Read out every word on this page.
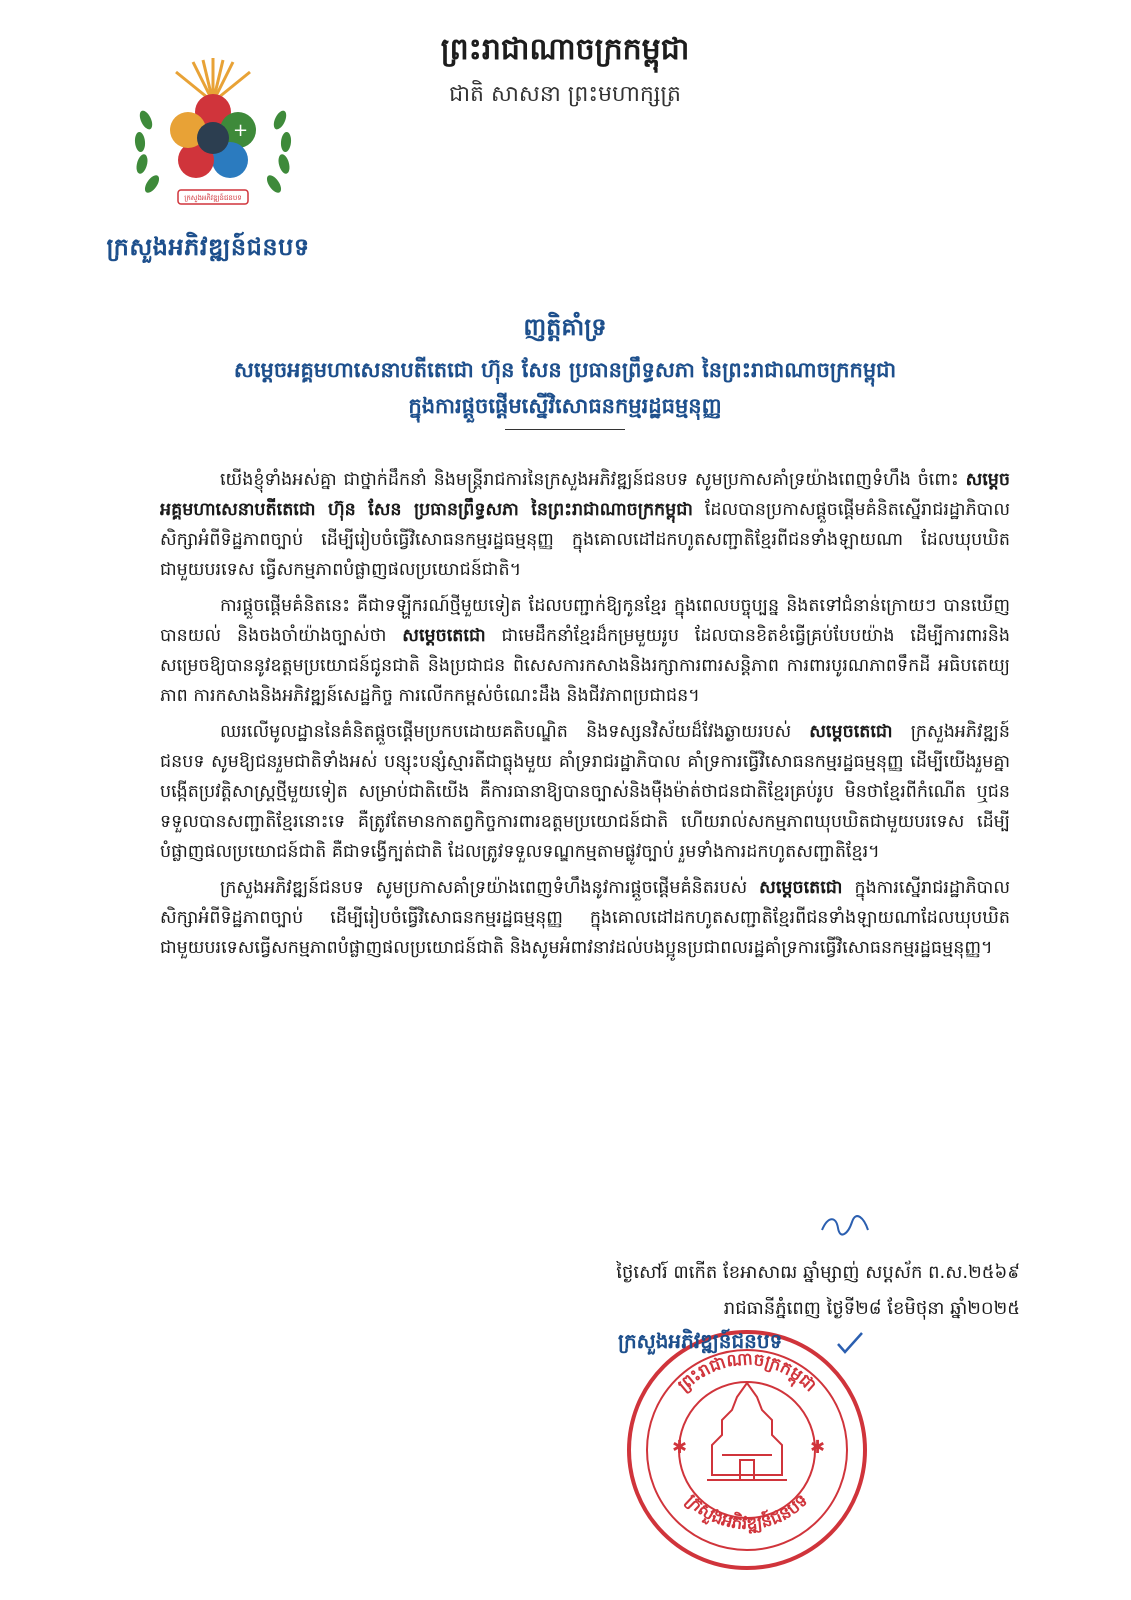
+
ក្រសួងអភិវឌ្ឍន៍ជនបទ
ក្រសួងអភិវឌ្ឍន៍ជនបទ
ព្រះរាជាណាចក្រកម្ពុជា
ជាតិ សាសនា ព្រះមហាក្សត្រ
ញត្តិគាំទ្រ
សម្តេចអគ្គមហាសេនាបតីតេជោ ហ៊ុន សែន ប្រធានព្រឹទ្ធសភា នៃព្រះរាជាណាចក្រកម្ពុជា
ក្នុងការផ្តួចផ្តើមស្នើវិសោធនកម្មរដ្ឋធម្មនុញ្ញ

យើងខ្ញុំទាំងអស់គ្នា ជាថ្នាក់ដឹកនាំ និងមន្ត្រីរាជការនៃក្រសួងអភិវឌ្ឍន៍ជនបទ សូមប្រកាសគាំទ្រយ៉ាងពេញទំហឹង ចំពោះ សម្តេចអគ្គមហាសេនាបតីតេជោ ហ៊ុន សែន ប្រធានព្រឹទ្ធសភា នៃព្រះរាជាណាចក្រកម្ពុជា ដែលបានប្រកាសផ្តួចផ្តើមគំនិតស្នើរាជរដ្ឋាភិបាល សិក្សាអំពីទិដ្ឋភាពច្បាប់ ដើម្បីរៀបចំធ្វើវិសោធនកម្មរដ្ឋធម្មនុញ្ញ ក្នុងគោលដៅដកហូតសញ្ជាតិខ្មែរពីជនទាំងឡាយណា ដែលឃុបឃិតជាមួយបរទេស ធ្វើសកម្មភាពបំផ្លាញផលប្រយោជន៍ជាតិ។

ការផ្តួចផ្តើមគំនិតនេះ គឺជាទឡ្ហីករណ៍ថ្មីមួយទៀត ដែលបញ្ជាក់ឱ្យកូនខ្មែរ ក្នុងពេលបច្ចុប្បន្ន និងតទៅជំនាន់ក្រោយៗ បានឃើញ បានយល់ និងចងចាំយ៉ាងច្បាស់ថា សម្តេចតេជោ ជាមេដឹកនាំខ្មែរដ៏កម្រមួយរូប ដែលបានខិតខំធ្វើគ្រប់បែបយ៉ាង ដើម្បីការពារនិងសម្រេចឱ្យបាននូវឧត្តមប្រយោជន៍ជូនជាតិ និងប្រជាជន ពិសេសការកសាងនិងរក្សាការពារសន្តិភាព ការពារបូរណភាពទឹកដី អធិបតេយ្យភាព ការកសាងនិងអភិវឌ្ឍន៍សេដ្ឋកិច្ច ការលើកកម្ពស់ចំណេះដឹង និងជីវភាពប្រជាជន។

ឈរលើមូលដ្ឋាននៃគំនិតផ្តួចផ្តើមប្រកបដោយគតិបណ្ឌិត និងទស្សនវិស័យដ៏វែងឆ្ងាយរបស់ សម្តេចតេជោ ក្រសួងអភិវឌ្ឍន៍ជនបទ សូមឱ្យជនរួមជាតិទាំងអស់ បន្សុះបន្សំស្មារតីជាធ្លុងមួយ គាំទ្ររាជរដ្ឋាភិបាល គាំទ្រការធ្វើវិសោធនកម្មរដ្ឋធម្មនុញ្ញ ដើម្បីយើងរួមគ្នាបង្កើតប្រវត្តិសាស្ត្រថ្មីមួយទៀត សម្រាប់ជាតិយើង គឺការធានាឱ្យបានច្បាស់និងម៉ឺងម៉ាត់ថាជនជាតិខ្មែរគ្រប់រូប មិនថាខ្មែរពីកំណើត ឬជនទទួលបានសញ្ជាតិខ្មែរនោះទេ គឺត្រូវតែមានកាតព្វកិច្ចការពារឧត្តមប្រយោជន៍ជាតិ ហើយរាល់សកម្មភាពឃុបឃិតជាមួយបរទេស ដើម្បីបំផ្លាញផលប្រយោជន៍ជាតិ គឺជាទង្វើក្បត់ជាតិ ដែលត្រូវទទួលទណ្ឌកម្មតាមផ្លូវច្បាប់ រួមទាំងការដកហូតសញ្ជាតិខ្មែរ។

ក្រសួងអភិវឌ្ឍន៍ជនបទ សូមប្រកាសគាំទ្រយ៉ាងពេញទំហឹងនូវការផ្តួចផ្តើមគំនិតរបស់ សម្តេចតេជោ ក្នុងការស្នើរាជរដ្ឋាភិបាល សិក្សាអំពីទិដ្ឋភាពច្បាប់ ដើម្បីរៀបចំធ្វើវិសោធនកម្មរដ្ឋធម្មនុញ្ញ ក្នុងគោលដៅដកហូតសញ្ជាតិខ្មែរពីជនទាំងឡាយណាដែលឃុបឃិតជាមួយបរទេសធ្វើសកម្មភាពបំផ្លាញផលប្រយោជន៍ជាតិ និងសូមអំពាវនាវដល់បងប្អូនប្រជាពលរដ្ឋគាំទ្រការធ្វើវិសោធនកម្មរដ្ឋធម្មនុញ្ញ។

ថ្ងៃសៅរ៍ ៣កើត ខែអាសាឍ ឆ្នាំម្សាញ់ សប្តស័ក ព.ស.២៥៦៩
រាជធានីភ្នំពេញ ថ្ងៃទី២៨ ខែមិថុនា ឆ្នាំ២០២៥
ព្រះរាជាណាចក្រកម្ពុជា
ក្រសួងអភិវឌ្ឍន៍ជនបទ
✱	✱
ក្រសួងអភិវឌ្ឍន៍ជនបទ
